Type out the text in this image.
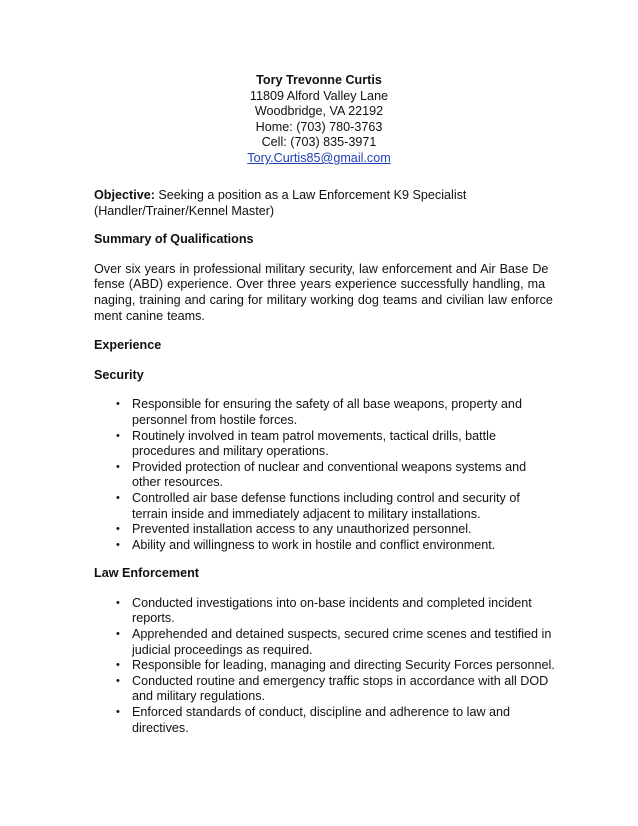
Tory Trevonne Curtis
11809 Alford Valley Lane
Woodbridge, VA 22192
Home: (703) 780-3763
Cell: (703) 835-3971
Tory.Curtis85@gmail.com

Objective: Seeking a position as a Law Enforcement K9 Specialist (Handler/Trainer/Kennel Master)

Summary of Qualifications

Over six years in professional military security, law enforcement and Air Base De fense (ABD) experience. Over three years experience successfully handling, ma naging, training and caring for military working dog teams and civilian law enforce ment canine teams.

Experience
Security
• Responsible for ensuring the safety of all base weapons, property and personnel from hostile forces.
• Routinely involved in team patrol movements, tactical drills, battle procedures and military operations.
• Provided protection of nuclear and conventional weapons systems and other resources.
• Controlled air base defense functions including control and security of terrain inside and immediately adjacent to military installations.
• Prevented installation access to any unauthorized personnel.
• Ability and willingness to work in hostile and conflict environment.
Law Enforcement
• Conducted investigations into on-base incidents and completed incident reports.
• Apprehended and detained suspects, secured crime scenes and testified in judicial proceedings as required.
• Responsible for leading, managing and directing Security Forces personnel.
• Conducted routine and emergency traffic stops in accordance with all DOD and military regulations.
• Enforced standards of conduct, discipline and adherence to law and directives.
